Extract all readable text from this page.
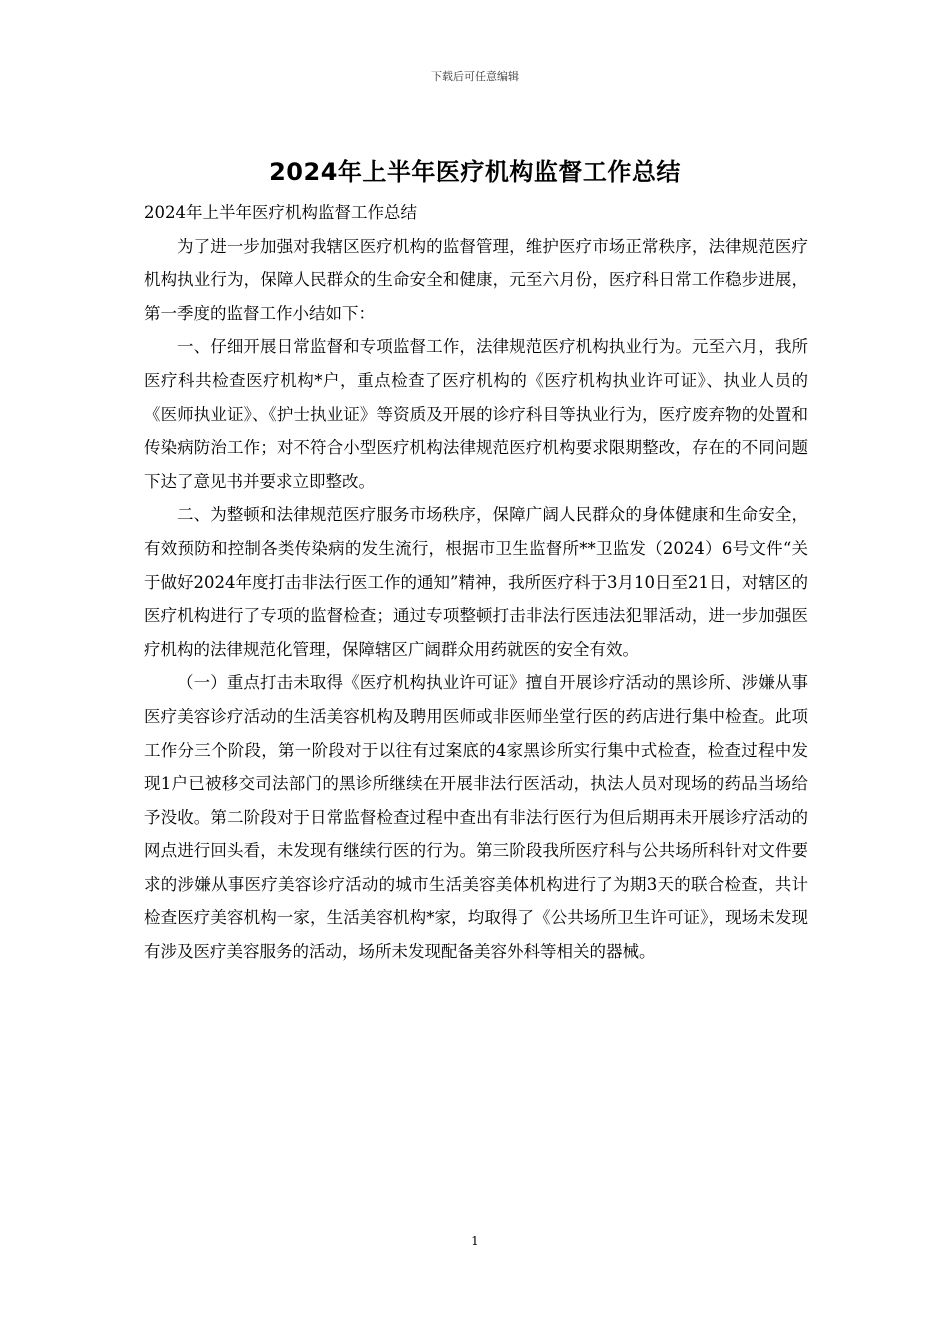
下载后可任意编辑
2024年上半年医疗机构监督工作总结

2024年上半年医疗机构监督工作总结

为了进一步加强对我辖区医疗机构的监督管理，维护医疗市场正常秩序，法律规范医疗机构执业行为，保障人民群众的生命安全和健康，元至六月份，医疗科日常工作稳步进展，第一季度的监督工作小结如下：

一、仔细开展日常监督和专项监督工作，法律规范医疗机构执业行为。元至六月，我所医疗科共检查医疗机构*户，重点检查了医疗机构的《医疗机构执业许可证》、执业人员的《医师执业证》、《护士执业证》等资质及开展的诊疗科目等执业行为，医疗废弃物的处置和传染病防治工作；对不符合小型医疗机构法律规范医疗机构要求限期整改，存在的不同问题下达了意见书并要求立即整改。

二、为整顿和法律规范医疗服务市场秩序，保障广阔人民群众的身体健康和生命安全，有效预防和控制各类传染病的发生流行，根据市卫生监督所**卫监发（2024）6号文件“关于做好2024年度打击非法行医工作的通知”精神，我所医疗科于3月10日至21日，对辖区的医疗机构进行了专项的监督检查；通过专项整顿打击非法行医违法犯罪活动，进一步加强医疗机构的法律规范化管理，保障辖区广阔群众用药就医的安全有效。

（一）重点打击未取得《医疗机构执业许可证》擅自开展诊疗活动的黑诊所、涉嫌从事医疗美容诊疗活动的生活美容机构及聘用医师或非医师坐堂行医的药店进行集中检查。此项工作分三个阶段，第一阶段对于以往有过案底的4家黑诊所实行集中式检查，检查过程中发现1户已被移交司法部门的黑诊所继续在开展非法行医活动，执法人员对现场的药品当场给予没收。第二阶段对于日常监督检查过程中查出有非法行医行为但后期再未开展诊疗活动的网点进行回头看，未发现有继续行医的行为。第三阶段我所医疗科与公共场所科针对文件要求的涉嫌从事医疗美容诊疗活动的城市生活美容美体机构进行了为期3天的联合检查，共计检查医疗美容机构一家，生活美容机构*家，均取得了《公共场所卫生许可证》，现场未发现有涉及医疗美容服务的活动，场所未发现配备美容外科等相关的器械。

1
